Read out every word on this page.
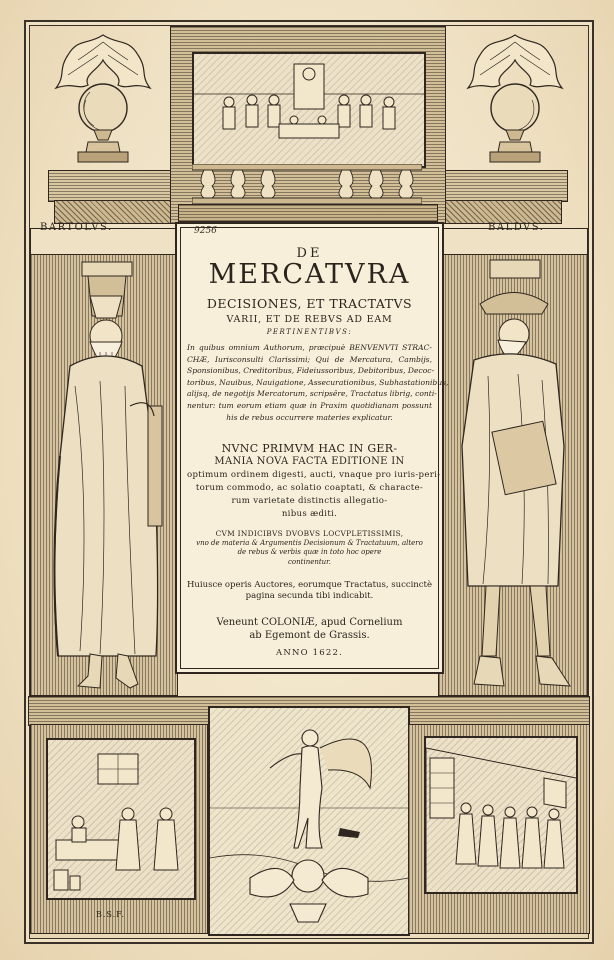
BARTOLVS.	BALDVS.
DE
MERCATVRA
DECISIONES, ET TRACTATVS
VARII, ET DE REBVS AD EAM
PERTINENTIBVS:
In quibus omnium Authorum, præcipuè BENVENVTI STRAC-
CHÆ, Iurisconsulti Clarissimi; Qui de Mercatura, Cambijs,
Sponsionibus, Creditoribus, Fideiussoribus, Debitoribus, Decoc-
toribus, Nauibus, Nauigatione, Assecurationibus, Subhastationibus,
alijsq, de negotijs Mercatorum, scripsêre, Tractatus librig, conti-
nentur: tum eorum etiam quæ in Praxim quotidianam possunt
his de rebus occurrere materies explicatur.
NVNC PRIMVM HAC IN GER-
MANIA NOVA FACTA EDITIONE IN
optimum ordinem digesti, aucti, vnaque pro iuris-peri-
torum commodo, ac solatio coaptati, & characte-
rum varietate distinctis allegatio-
nibus æditi.
CVM INDICIBVS DVOBVS LOCVPLETISSIMIS,
vno de materia & Argumentis Decisionum & Tractatuum, altero
de rebus & verbis quæ in toto hoc opere
continentur.
Huiusce operis Auctores, eorumque Tractatus, succinctè
pagina secunda tibi indicabit.
Veneunt COLONIÆ, apud Cornelium
ab Egemont de Grassis.
ANNO 1622.
9256
B.S.F.
